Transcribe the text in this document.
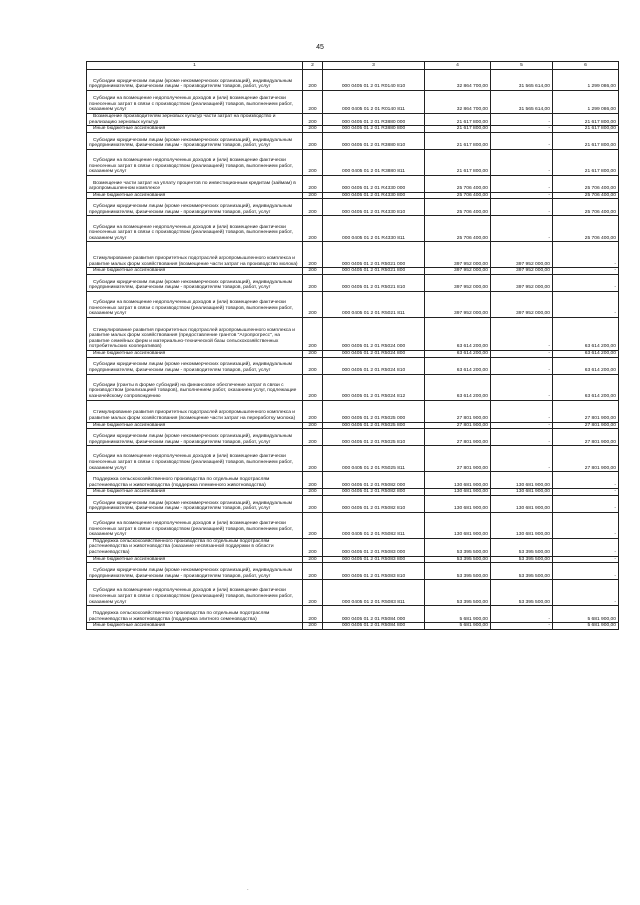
45
1	2	3	4	5	6

Субсидии юридическим лицам (кроме некоммерческих организаций), индивидуальным предпринимателям, физическим лицам - производителям товаров, работ, услуг	200	000 0405 01 2 01 R0140 810	32 864 700,00	31 565 614,00	1 299 086,00

Субсидии на возмещение недополученных доходов и (или) возмещение фактически понесенных затрат в связи с производством (реализацией) товаров, выполнением работ, оказанием услуг	200	000 0405 01 2 01 R0140 811	32 864 700,00	31 565 614,00	1 299 086,00

Возмещение производителям зерновых культур части затрат на производство и реализацию зерновых культур	200	000 0405 01 2 01 R3880 000	21 617 800,00	-	21 617 800,00

Иные бюджетные ассигнования	200	000 0405 01 2 01 R3880 800	21 617 800,00	-	21 617 800,00

Субсидии юридическим лицам (кроме некоммерческих организаций), индивидуальным предпринимателям, физическим лицам - производителям товаров, работ, услуг	200	000 0405 01 2 01 R3880 810	21 617 800,00	-	21 617 800,00

Субсидии на возмещение недополученных доходов и (или) возмещение фактически понесенных затрат в связи с производством (реализацией) товаров, выполнением работ, оказанием услуг	200	000 0405 01 2 01 R3880 811	21 617 800,00	-	21 617 800,00

Возмещение части затрат на уплату процентов по инвестиционным кредитам (займам) в агропромышленном комплексе	200	000 0405 01 2 01 R4330 000	25 706 400,00	-	25 706 400,00

Иные бюджетные ассигнования	200	000 0405 01 2 01 R4330 800	25 706 400,00	-	25 706 400,00

Субсидии юридическим лицам (кроме некоммерческих организаций), индивидуальным предпринимателям, физическим лицам - производителям товаров, работ, услуг	200	000 0405 01 2 01 R4330 810	25 706 400,00	-	25 706 400,00

Субсидии на возмещение недополученных доходов и (или) возмещение фактически понесенных затрат в связи с производством (реализацией) товаров, выполнением работ, оказанием услуг	200	000 0405 01 2 01 R4330 811	25 706 400,00	-	25 706 400,00

Стимулирование развития приоритетных подотраслей агропромышленного комплекса и развитие малых форм хозяйствования (возмещение части затрат на производство молока)	200	000 0405 01 2 01 R5021 000	397 952 000,00	397 952 000,00	-

Иные бюджетные ассигнования	200	000 0405 01 2 01 R5021 800	397 952 000,00	397 952 000,00	-

Субсидии юридическим лицам (кроме некоммерческих организаций), индивидуальным предпринимателям, физическим лицам - производителям товаров, работ, услуг	200	000 0405 01 2 01 R5021 810	397 952 000,00	397 952 000,00	-

Субсидии на возмещение недополученных доходов и (или) возмещение фактически понесенных затрат в связи с производством (реализацией) товаров, выполнением работ, оказанием услуг	200	000 0405 01 2 01 R5021 811	397 952 000,00	397 952 000,00	-

Стимулирование развития приоритетных подотраслей агропромышленного комплекса и развитие малых форм хозяйствования (предоставление грантов "Агропрогресс", на развитие семейных ферм и материально-технической базы сельскохозяйственных потребительских кооперативов)	200	000 0405 01 2 01 R5024 000	63 614 200,00	-	63 614 200,00

Иные бюджетные ассигнования	200	000 0405 01 2 01 R5024 800	63 614 200,00	-	63 614 200,00

Субсидии юридическим лицам (кроме некоммерческих организаций), индивидуальным предпринимателям, физическим лицам - производителям товаров, работ, услуг	200	000 0405 01 2 01 R5024 810	63 614 200,00	-	63 614 200,00

Субсидии (гранты в форме субсидий) на финансовое обеспечение затрат в связи с производством (реализацией товаров), выполнением работ, оказанием услуг, подлежащие казначейскому сопровождению	200	000 0405 01 2 01 R5024 812	63 614 200,00	-	63 614 200,00

Стимулирование развития приоритетных подотраслей агропромышленного комплекса и развитие малых форм хозяйствования (возмещение части затрат на переработку молока)	200	000 0405 01 2 01 R5025 000	27 801 900,00	-	27 801 900,00

Иные бюджетные ассигнования	200	000 0405 01 2 01 R5025 800	27 801 900,00	-	27 801 900,00

Субсидии юридическим лицам (кроме некоммерческих организаций), индивидуальным предпринимателям, физическим лицам - производителям товаров, работ, услуг	200	000 0405 01 2 01 R5025 810	27 801 900,00	-	27 801 900,00

Субсидии на возмещение недополученных доходов и (или) возмещение фактически понесенных затрат в связи с производством (реализацией) товаров, выполнением работ, оказанием услуг	200	000 0405 01 2 01 R5025 811	27 801 900,00	-	27 801 900,00

Поддержка сельскохозяйственного производства по отдельным подотраслям растениеводства и животноводства (поддержка племенного животноводства)	200	000 0405 01 2 01 R5082 000	130 681 900,00	130 681 900,00	-

Иные бюджетные ассигнования	200	000 0405 01 2 01 R5082 800	130 681 900,00	130 681 900,00	-

Субсидии юридическим лицам (кроме некоммерческих организаций), индивидуальным предпринимателям, физическим лицам - производителям товаров, работ, услуг	200	000 0405 01 2 01 R5082 810	130 681 900,00	130 681 900,00	-

Субсидии на возмещение недополученных доходов и (или) возмещение фактически понесенных затрат в связи с производством (реализацией) товаров, выполнением работ, оказанием услуг	200	000 0405 01 2 01 R5082 811	130 681 900,00	130 681 900,00	-

Поддержка сельскохозяйственного производства по отдельным подотраслям растениеводства и животноводства (оказание несвязанной поддержки в области растениеводства)	200	000 0405 01 2 01 R5083 000	53 395 500,00	53 395 500,00	-

Иные бюджетные ассигнования	200	000 0405 01 2 01 R5083 800	53 395 500,00	53 395 500,00	-

Субсидии юридическим лицам (кроме некоммерческих организаций), индивидуальным предпринимателям, физическим лицам - производителям товаров, работ, услуг	200	000 0405 01 2 01 R5083 810	53 395 500,00	53 395 500,00	-

Субсидии на возмещение недополученных доходов и (или) возмещение фактически понесенных затрат в связи с производством (реализацией) товаров, выполнением работ, оказанием услуг	200	000 0405 01 2 01 R5083 811	53 395 500,00	53 395 500,00	-

Поддержка сельскохозяйственного производства по отдельным подотраслям растениеводства и животноводства (поддержка элитного семеноводства)	200	000 0405 01 2 01 R5084 000	5 681 900,00	-	5 681 900,00

Иные бюджетные ассигнования	200	000 0405 01 2 01 R5084 800	5 681 900,00	-	5 681 900,00
.
